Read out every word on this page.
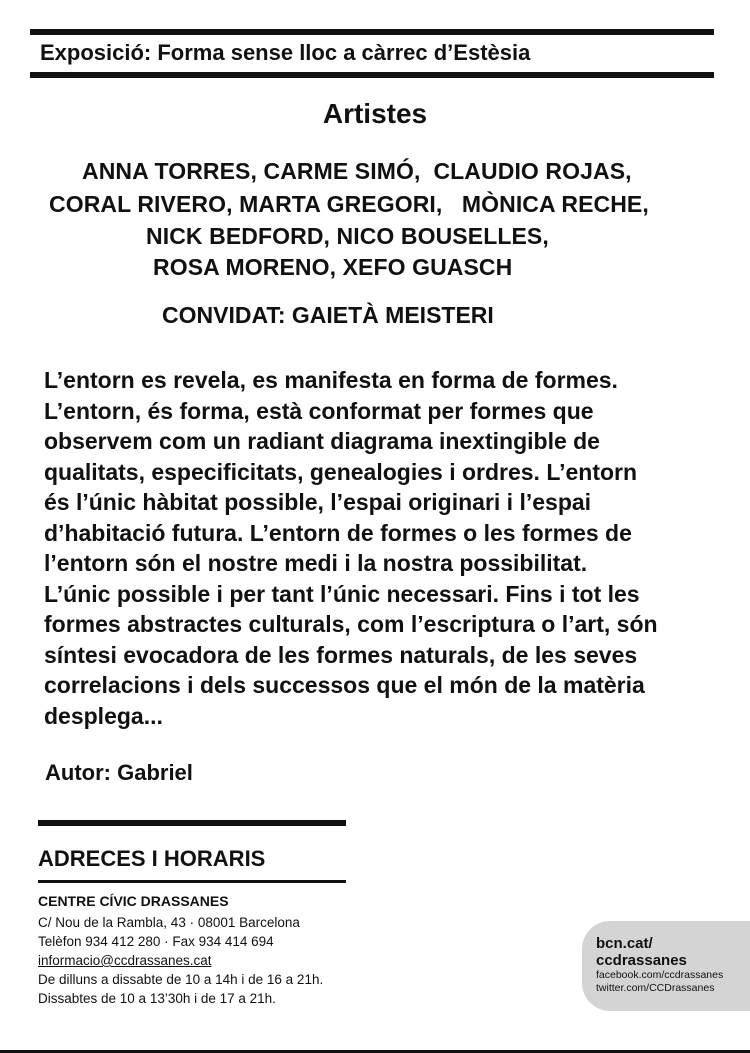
Exposició: Forma sense lloc a càrrec d’Estèsia
Artistes
ANNA TORRES, CARME SIMÓ,  CLAUDIO ROJAS,
CORAL RIVERO, MARTA GREGORI,   MÒNICA RECHE,
NICK BEDFORD, NICO BOUSELLES,
ROSA MORENO, XEFO GUASCH
CONVIDAT: GAIETÀ MEISTERI
L’entorn es revela, es manifesta en forma de formes.
L’entorn, és forma, està conformat per formes que
observem com un radiant diagrama inextingible de
qualitats, especificitats, genealogies i ordres. L’entorn
és l’únic hàbitat possible, l’espai originari i l’espai
d’habitació futura. L’entorn de formes o les formes de
l’entorn són el nostre medi i la nostra possibilitat.
L’únic possible i per tant l’únic necessari. Fins i tot les
formes abstractes culturals, com l’escriptura o l’art, són
síntesi evocadora de les formes naturals, de les seves
correlacions i dels successos que el món de la matèria
desplega...
Autor: Gabriel
ADRECES I HORARIS
CENTRE CÍVIC DRASSANES
C/ Nou de la Rambla, 43 · 08001 Barcelona
Telèfon 934 412 280 · Fax 934 414 694
informacio@ccdrassanes.cat
De dilluns a dissabte de 10 a 14h i de 16 a 21h.
Dissabtes de 10 a 13’30h i de 17 a 21h.
bcn.cat/
ccdrassanes
facebook.com/ccdrassanes
twitter.com/CCDrassanes
